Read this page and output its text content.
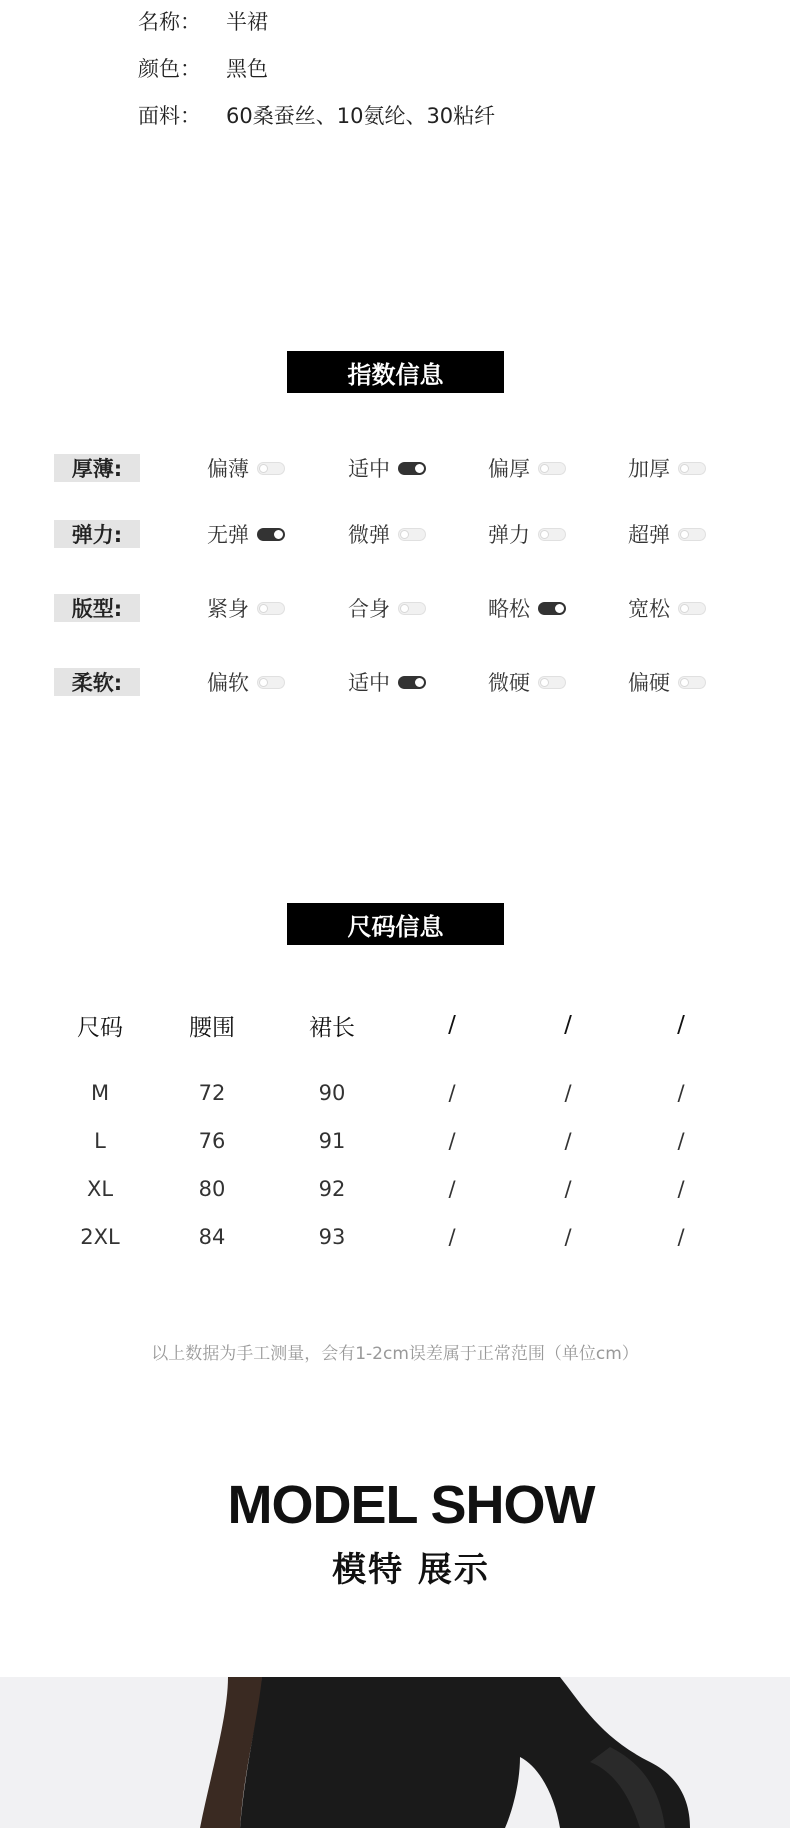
名称： 半裙
颜色： 黑色
面料： 60桑蚕丝、10氨纶、30粘纤
指数信息
厚薄:	偏薄	适中	偏厚	加厚
弹力:	无弹	微弹	弹力	超弹
版型:	紧身	合身	略松	宽松
柔软:	偏软	适中	微硬	偏硬
尺码信息
尺码	腰围	裙长	/	/	/

M	72	90	/	/	/
L	76	91	/	/	/
XL	80	92	/	/	/
2XL	84	93	/	/	/
以上数据为手工测量，会有1-2cm误差属于正常范围（单位cm）
MODEL SHOW
模特 展示
